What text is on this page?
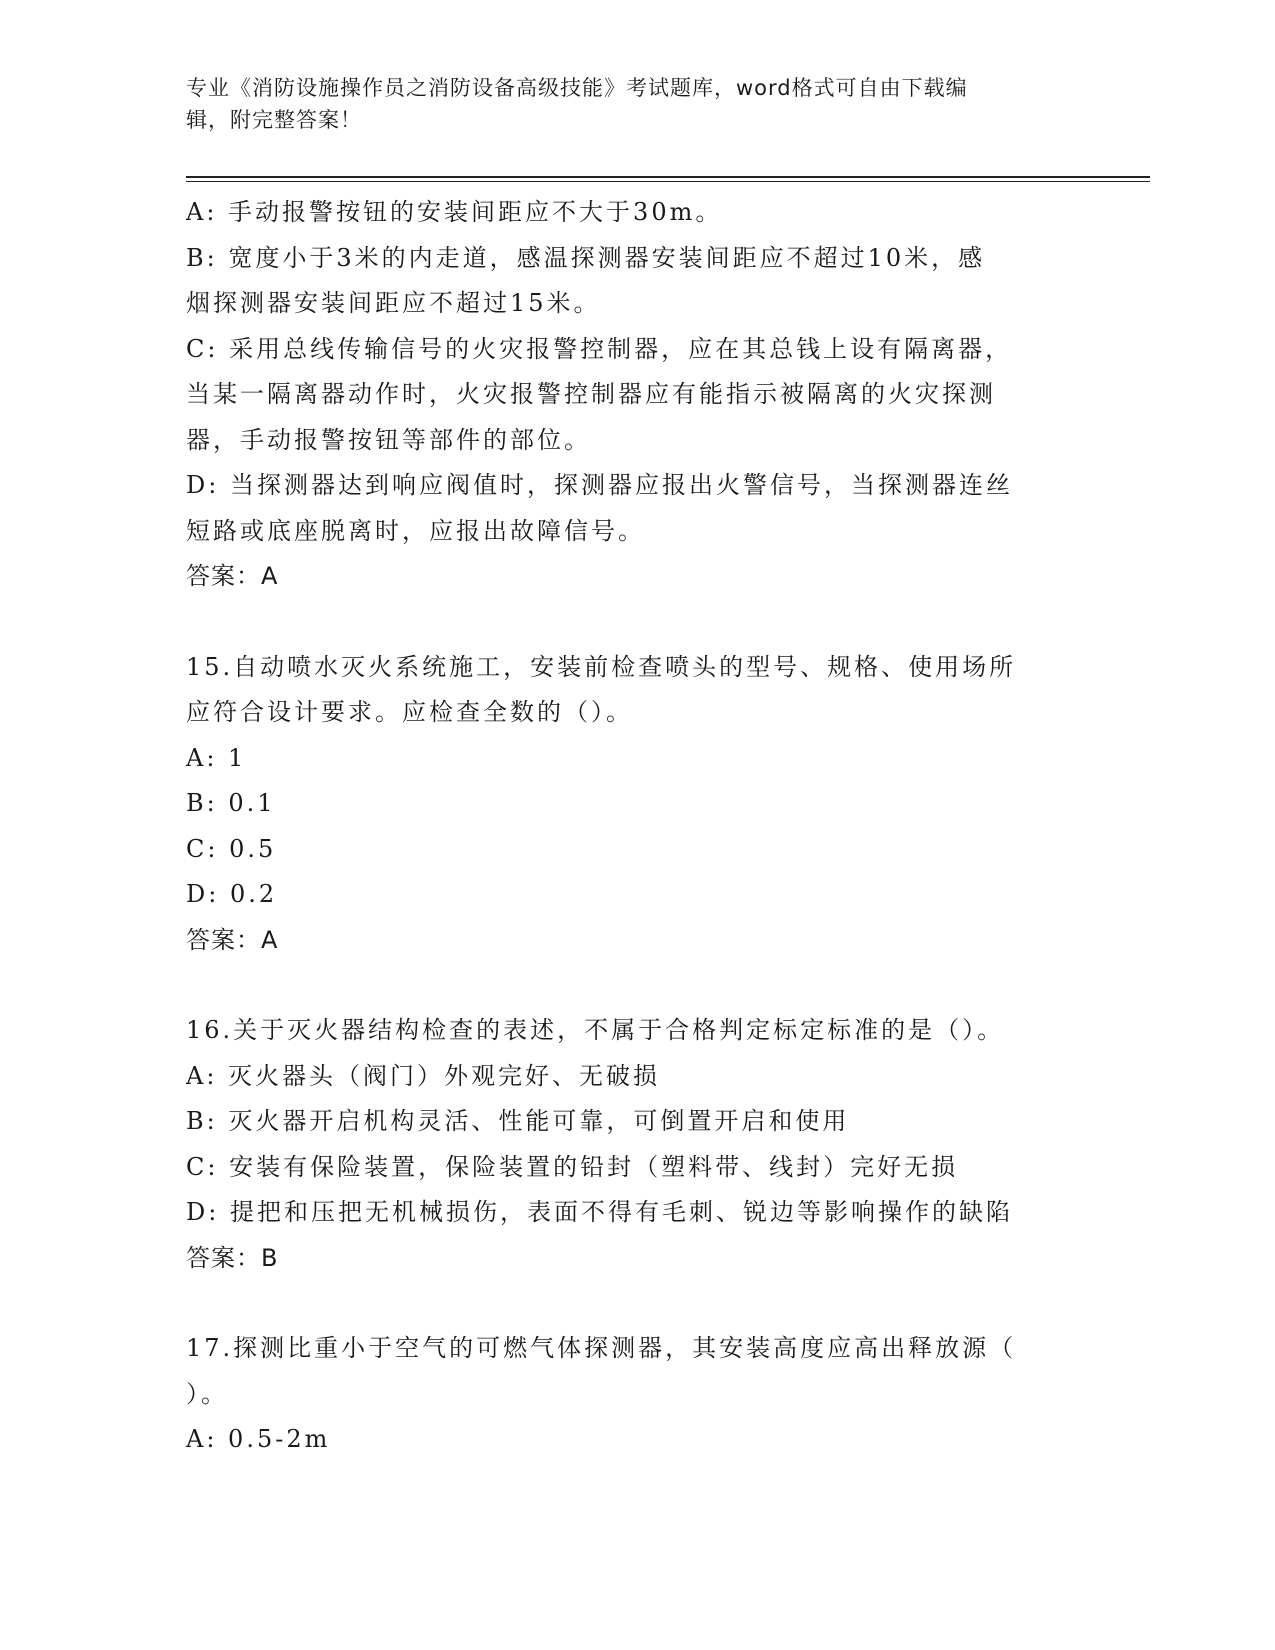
专业《消防设施操作员之消防设备高级技能》考试题库，word格式可自由下载编
辑，附完整答案！
A: 手动报警按钮的安装间距应不大于30m。
B: 宽度小于3米的内走道，感温探测器安装间距应不超过10米，感
烟探测器安装间距应不超过15米。
C: 采用总线传输信号的火灾报警控制器，应在其总钱上设有隔离器，
当某一隔离器动作时，火灾报警控制器应有能指示被隔离的火灾探测
器，手动报警按钮等部件的部位。
D: 当探测器达到响应阀值时，探测器应报出火警信号，当探测器连丝
短路或底座脱离时，应报出故障信号。
答案：A
15.自动喷水灭火系统施工，安装前检查喷头的型号、规格、使用场所
应符合设计要求。应检查全数的（）。
A: 1
B: 0.1
C: 0.5
D: 0.2
答案：A
16.关于灭火器结构检查的表述，不属于合格判定标定标准的是（）。
A: 灭火器头（阀门）外观完好、无破损
B: 灭火器开启机构灵活、性能可靠，可倒置开启和使用
C: 安装有保险装置，保险装置的铅封（塑料带、线封）完好无损
D: 提把和压把无机械损伤，表面不得有毛刺、锐边等影响操作的缺陷
答案：B
17.探测比重小于空气的可燃气体探测器，其安装高度应高出释放源（
）。
A: 0.5-2m
